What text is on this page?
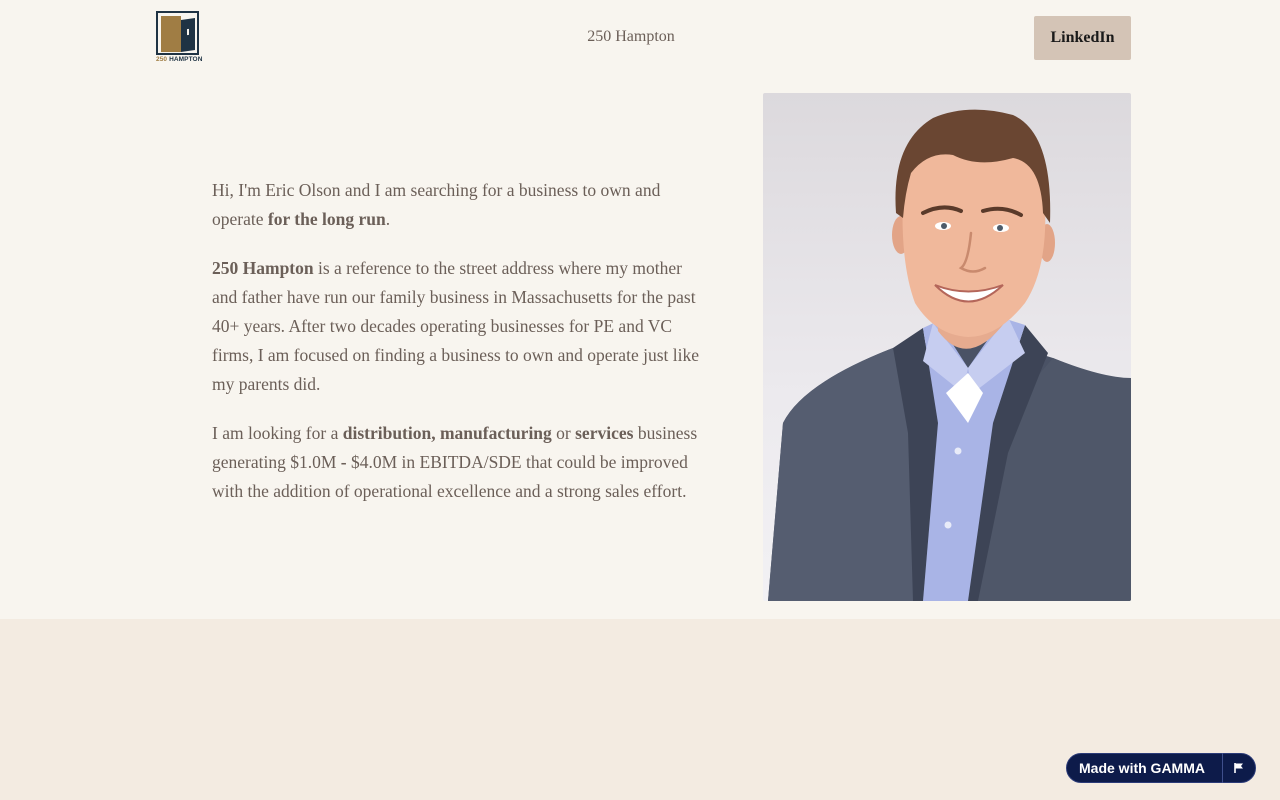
250 HAMPTON
250 Hampton	LinkedIn

Hi, I'm Eric Olson and I am searching for a business to own and operate for the long run.

250 Hampton is a reference to the street address where my mother and father have run our family business in Massachusetts for the past 40+ years. After two decades operating businesses for PE and VC firms, I am focused on finding a business to own and operate just like my parents did.

I am looking for a distribution, manufacturing or services business generating $1.0M - $4.0M in EBITDA/SDE that could be improved with the addition of operational excellence and a strong sales effort.

Made with GAMMA
